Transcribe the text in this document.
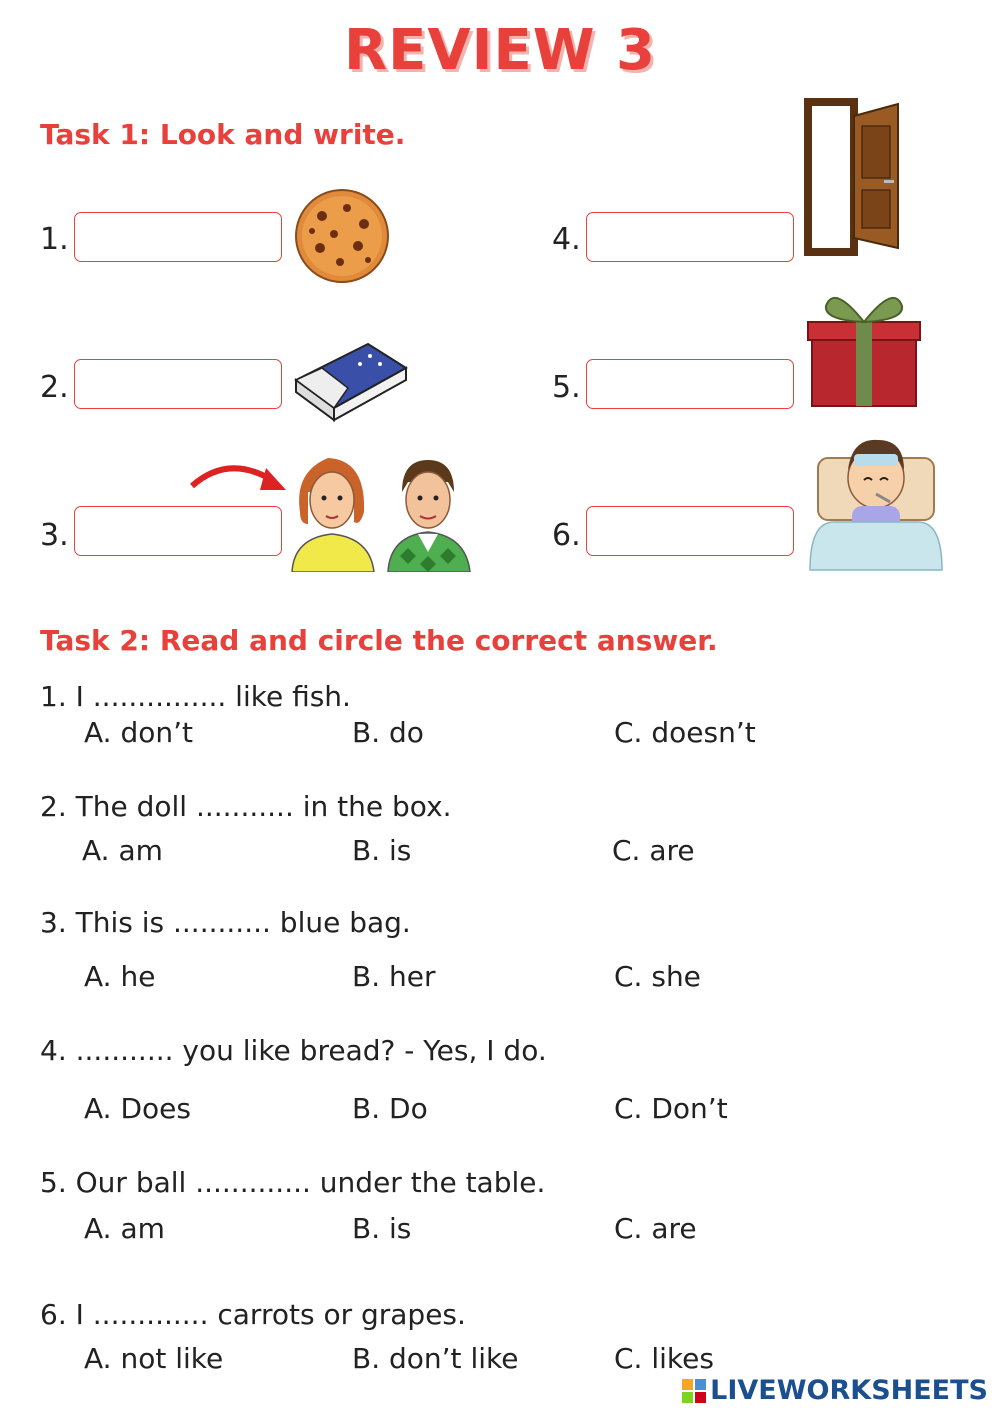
REVIEW 3
Task 1: Look and write.
1.
2.
3.
4.
5.
6.
Task 2: Read and circle the correct answer.
1. I ............... like fish.
A. don’t	B. do	C. doesn’t
2. The doll ........... in the box.
A. am	B. is	C. are
3. This is ........... blue bag.
A. he	B. her	C. she
4. ........... you like bread? - Yes, I do.
A. Does	B. Do	C. Don’t
5. Our ball ............. under the table.
A. am	B. is	C. are
6. I ............. carrots or grapes.
A. not like	B. don’t like	C. likes
LIVEWORKSHEETS
